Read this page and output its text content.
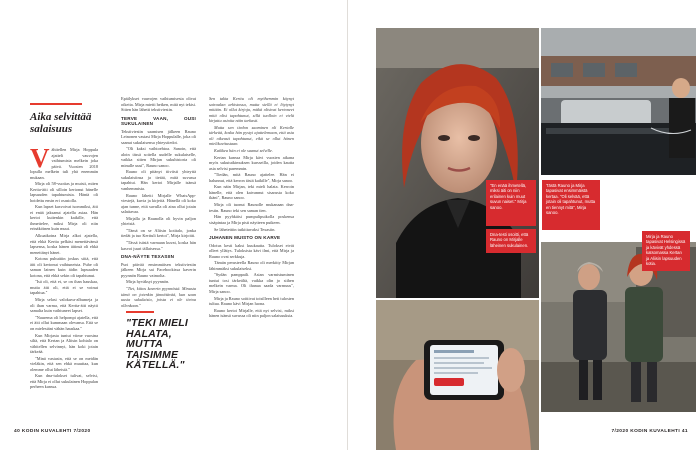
Aika selvittää salaisuus

Vähitellen Mirja Hoppula ajatteli vauvojen vaihtumista melkein joka päivä. Vuosien 2018 lopulla melkein tuli yhä enemmän mukaan.

Mirja oli 58-vuotias ja muisti, miten Kertta-äiti oli silloin kertonut hänelle lapsuuden tapahtumista. Häntä oli hoidettu ensin eri osastolla.

Kun lapset kasvoivat isommiksi, äiti ei enää jaksanut ajatella asiaa. Hän kertoi kuitenkin kaikille, että ihmettelee, miksi Mirja oli niin erinäköinen kuin muut.

Alkuaikoina Mirja alkoi ajatella, että ehkä Kertta pelkäsi menettävänsä lapsensa, koska hänen äitinsä oli ehkä menettänyt hänet.

Kotona puhuttiin joskus siitä, että äiti oli kertonut vaihtuneista. Puhe oli saman lainen kuin äidin lapsuuden kotona, että ehkä sekin oli tapahtunut.

"Isä oli, että et, se on ihan hauskaa, mutta äiti oli, että ei se voinut tapahtua."

Mirja selasi valokuva-albumeja ja oli ihan varma, että Kertta-äiti näytti samalta kuin vaihtuneet lapset.

"Naurema oli helpompi ajatella, että ei äiti ollut kummaan olevansa. Että se on mielestäni vähän hauskaa."

Kun Mirjasta tuntui viime vuosina siltä, että Kertan ja Aliisin kohtalo on vähitellen selvinnyt, hän koki jotain tärkeää.

"Minä vastasin, että se on meidän vieläkin, että sen ehkä muuttaa, kun olemme ollut läheisiä."

Kun dna-tulokset tulivat, selvisi, että Mirja ei ollut sukulainen Hoppulan perheen kanssa.

Epäilykset vauvojen vaihtumisesta olivat oikeita. Mirja mietti hetken, mitä nyt tekisi. Sitten hän lähetti tekstiviestin.

TERVE VAAN, OUSI SUKULAINEN

Tekstiviestin saamisen jälkeen Rauno Leinonen vastasi Mirja Hoppulalle, joka oli saanut sukulaisensa yhteystiedot.

"Oli kaksi vaihtoehtoa. Sanoin, että aloin tässä soitella uudelle sukulaiselle, vaikka sitten Mirjan sukuhistoria oli minulle uusi", Rauno sanoo.

Rauno oli pitänyt tiiviisti yhteyttä sukulaisiinsa ja tietää, mitä suvussa tapahtui. Hän kertoi Mirjalle isänsä vanhemmista.

Rauno lähetti Mirjalle WhatsApp-viestejä, kuvia ja kirjeitä. Hänellä oli koko ajan tunne, että suvulla oli aina ollut jotain salattavaa.

Mirjalla ja Raunolla oli hyvin paljon yhteistä.

"Tämä on se Aliisin kotitalo, jonka tiedät ja tuo Kerttuli kertoi", Mirja kirjoitti.

"Tässä isästä varmaan kuvat, koska hän kasvoi juuri tällaisessa."

DNA-NÄYTE TEXASIIN

Puri päivää ensimmäisen tekstiviestin jälkeen Mirja sai Facebookissa kaverin pyynnön Rauno vaimolta.

Mirja hyväksyi pyynnön.

"Tiet, kiitos kaverin pyynnöstä. Minusta tämä on jotenkin jännittävää, kun saan uusia sukulaisia, joista ei ole tietoa ollenkaan."

"TEKI MIELI HALATA, MUTTA TAISIMME KÄTELLÄ."

Sen takia Kerttu oli myöhemmin käynyt sairaalan arkistossa, mutta siellä ei löytynyt mitään. Ei ollut kirjoja, mitkä olisivat kertoneet mitä olisi tapahtunut, sillä tuolloin ei vielä kirjattu asioita näin tarkasti.

Mutta sen tiedon saaminen oli Kertalle tärkeää, koska hän pystyi ajattelemaan, että asia oli oikeasti tapahtunut, eikä se ollut hänen mielikuvitustaan.

Kaikkea hän ei ole saanut selville.

Kertan kanssa Mirja kävi vuosien aikana myös sukututkimuksen kursseilla, joiden kautta asia selvisi paremmin.

"Tiedän, mitä Rauno ajattelee. Hän ei halunnut, että kerron tästä kaikille", Mirja sanoo.

Kun näin Mirjan, teki mieli halata. Kerroin hänelle, että olen kaivannut sisarusta koko ikäni", Rauno sanoo.

Mirja oli tuonut Raunolle mukanaan dna-testin. Rauno teki sen saman tien.

Hän pyyhkäisi pumpulipuikolla poskensa sisäpintaa ja Mirja pisti näytteen putkeen.

Se lähetettiin tutkittavaksi Texasiin.

JUHANEN MUISTO ON KARVE

Odotus kesti kaksi kuukautta. Tulokset eivät olleet yllätys. Tuloksista kävi ilmi, että Mirja ja Rauno ovat serkkuja.

Tämän perusteella Rauno oli merkitty Mirjan lähimmäksi sukulaiseksi.

"Sydän pamppaili. Asian varmistuminen tuntui tosi tärkeältä, vaikka olin jo siihen melkein varma. Oli ihanaa saada varmuus", Mirja sanoo.

Mirja ja Rauno soittivat toisilleen heti tulosten tultua. Rauno kävi Mirjan luona.

Rauno kertoi Mirjalle, että nyt selvisi, miksi hänen isänsä suvussa oli niin paljon salaisuuksia.

40 KODIN KUVALEHTI 7/2020
"En enää ihmetellä, miksi äiti on niin erilainen kuin muut suvun naiset." Mirja sanoo.
Tästä Rauno ja Mirja tapasivat ensimmäistä kertaa. "Oli selvää, että jotain oli tapahtunut, mutta en tiennyt mitä", Mirja sanoo.
Dna-testi osoitti, että Rauno on Mirjalle läheinen sukulainen.
Mirja ja Rauno tapasivat Helsingissä ja kävivät yhdessä katsomassa Kertan ja Aliisin lapsuuden kotia.
7/2020 KODIN KUVALEHTI 41
